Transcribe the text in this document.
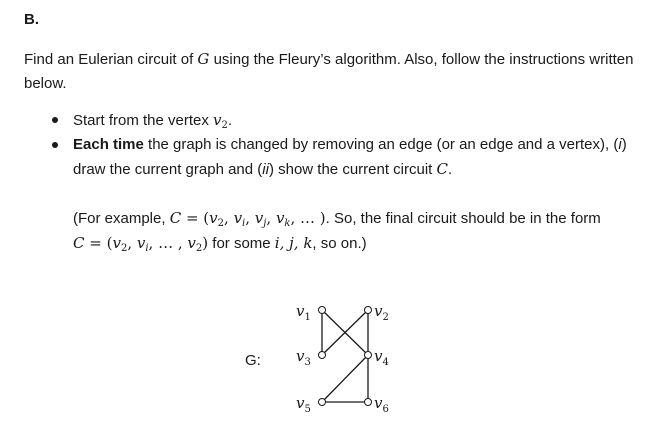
B.
Find an Eulerian circuit of G using the Fleury’s algorithm. Also, follow the instructions written below.
Start from the vertex $v_2$.
Each time the graph is changed by removing an edge (or an edge and a vertex), (i) draw the current graph and (ii) show the current circuit C.
(For example, $C = (v_2$, $v_i$, $v_j$, $v_k$, … ). So, the final circuit should be in the form
$C = (v_2$, $v_i$, … , $v_2$) for some i, j, k, so on.)
G:
$v_1$	$v_2$
$v_3$	$v_4$
$v_5$	$v_6$
